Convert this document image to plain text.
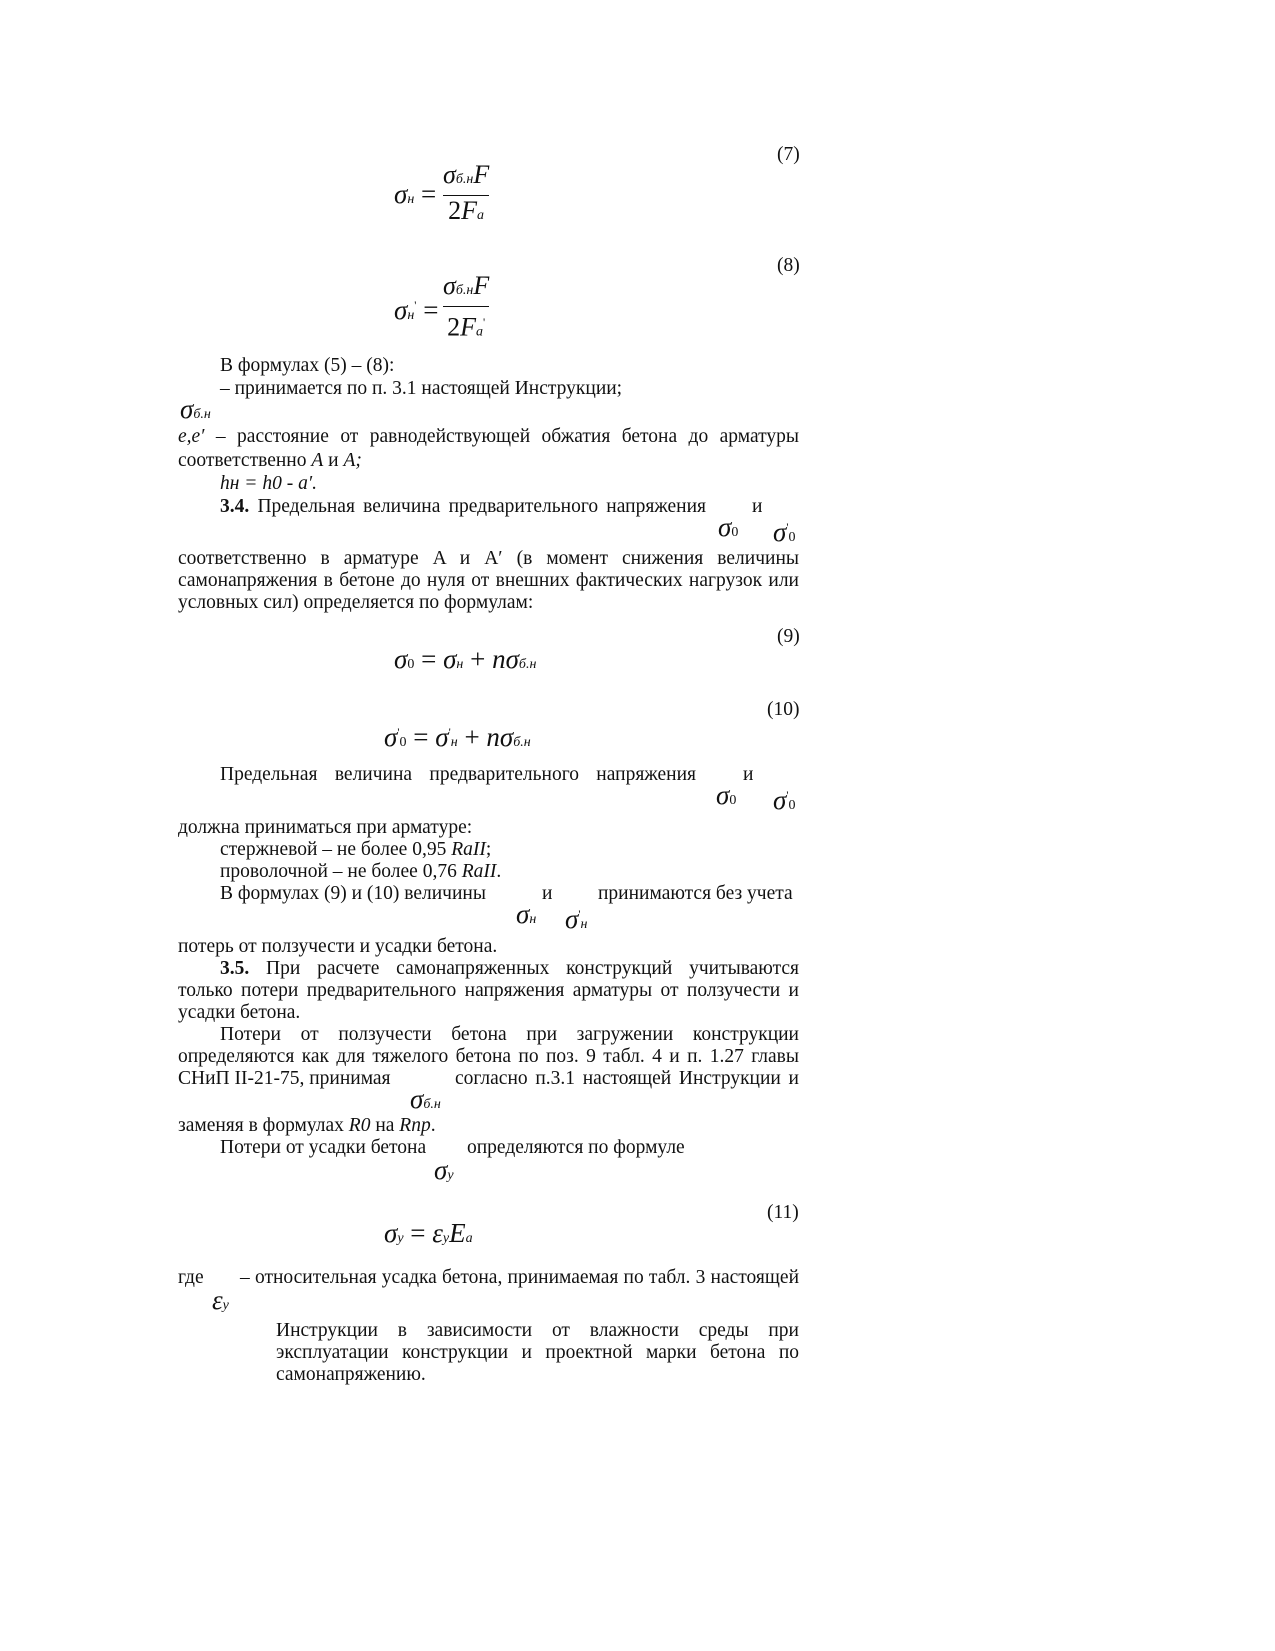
(7)
σн =
σб.нF
2Fа
(8)
σн' =
σб.нF
2Fа'
В формулах (5) – (8):
– принимается по п. 3.1 настоящей Инструкции;
σб.н
e,e′ – расстояние от равнодействующей обжатия бетона до арматуры
соответственно A и A;
hн = h0 - a′.
3.4. Предельная величина предварительного напряжения и
σ0 σ'0
соответственно в арматуре A и A′ (в момент снижения величины
самонапряжения в бетоне до нуля от внешних фактических нагрузок или
условных сил) определяется по формулам:
(9)
σ0 = σн + nσб.н
(10)
σ'0 = σ'н + nσб.н
Предельная величина предварительного напряжения и
σ0 σ'0
должна приниматься при арматуре:
стержневой – не более 0,95 RаII;
проволочной – не более 0,76 RаII.
В формулах (9) и (10) величины	и принимаются без учета
σн σ'н
потерь от ползучести и усадки бетона.
3.5. При расчете самонапряженных конструкций учитываются
только потери предварительного напряжения арматуры от ползучести и
усадки бетона.
Потери от ползучести бетона при загружении конструкции
определяются как для тяжелого бетона по поз. 9 табл. 4 и п. 1.27 главы
СНиП II-21-75, принимая	согласно п.3.1 настоящей Инструкции и
σб.н
заменяя в формулах R0 на Rпр.
Потери от усадки бетона определяются по формуле
σу
(11)
σу = εуEа
где – относительная усадка бетона, принимаемая по табл. 3 настоящей
εу
Инструкции в зависимости от влажности среды при
эксплуатации конструкции и проектной марки бетона по
самонапряжению.
